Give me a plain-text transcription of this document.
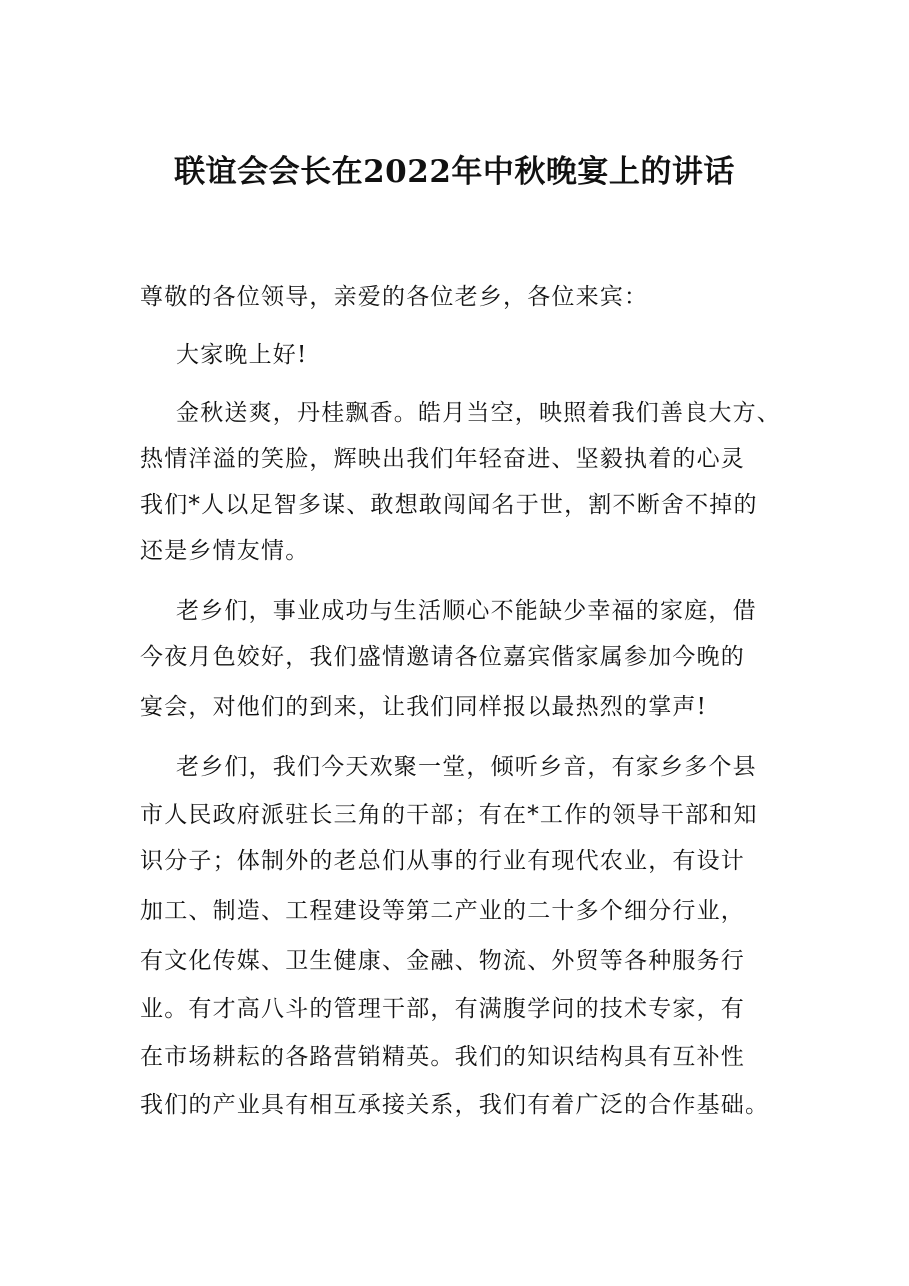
联谊会会长在2022年中秋晚宴上的讲话
尊敬的各位领导，亲爱的各位老乡，各位来宾：
大家晚上好!
金秋送爽，丹桂飘香。皓月当空，映照着我们善良大方、
热情洋溢的笑脸，辉映出我们年轻奋进、坚毅执着的心灵
我们*人以足智多谋、敢想敢闯闻名于世，割不断舍不掉的
还是乡情友情。
老乡们，事业成功与生活顺心不能缺少幸福的家庭，借
今夜月色姣好，我们盛情邀请各位嘉宾偕家属参加今晚的
宴会，对他们的到来，让我们同样报以最热烈的掌声!
老乡们，我们今天欢聚一堂，倾听乡音，有家乡多个县
市人民政府派驻长三角的干部；有在*工作的领导干部和知
识分子；体制外的老总们从事的行业有现代农业，有设计
加工、制造、工程建设等第二产业的二十多个细分行业，
有文化传媒、卫生健康、金融、物流、外贸等各种服务行
业。有才高八斗的管理干部，有满腹学问的技术专家，有
在市场耕耘的各路营销精英。我们的知识结构具有互补性
我们的产业具有相互承接关系，我们有着广泛的合作基础。
